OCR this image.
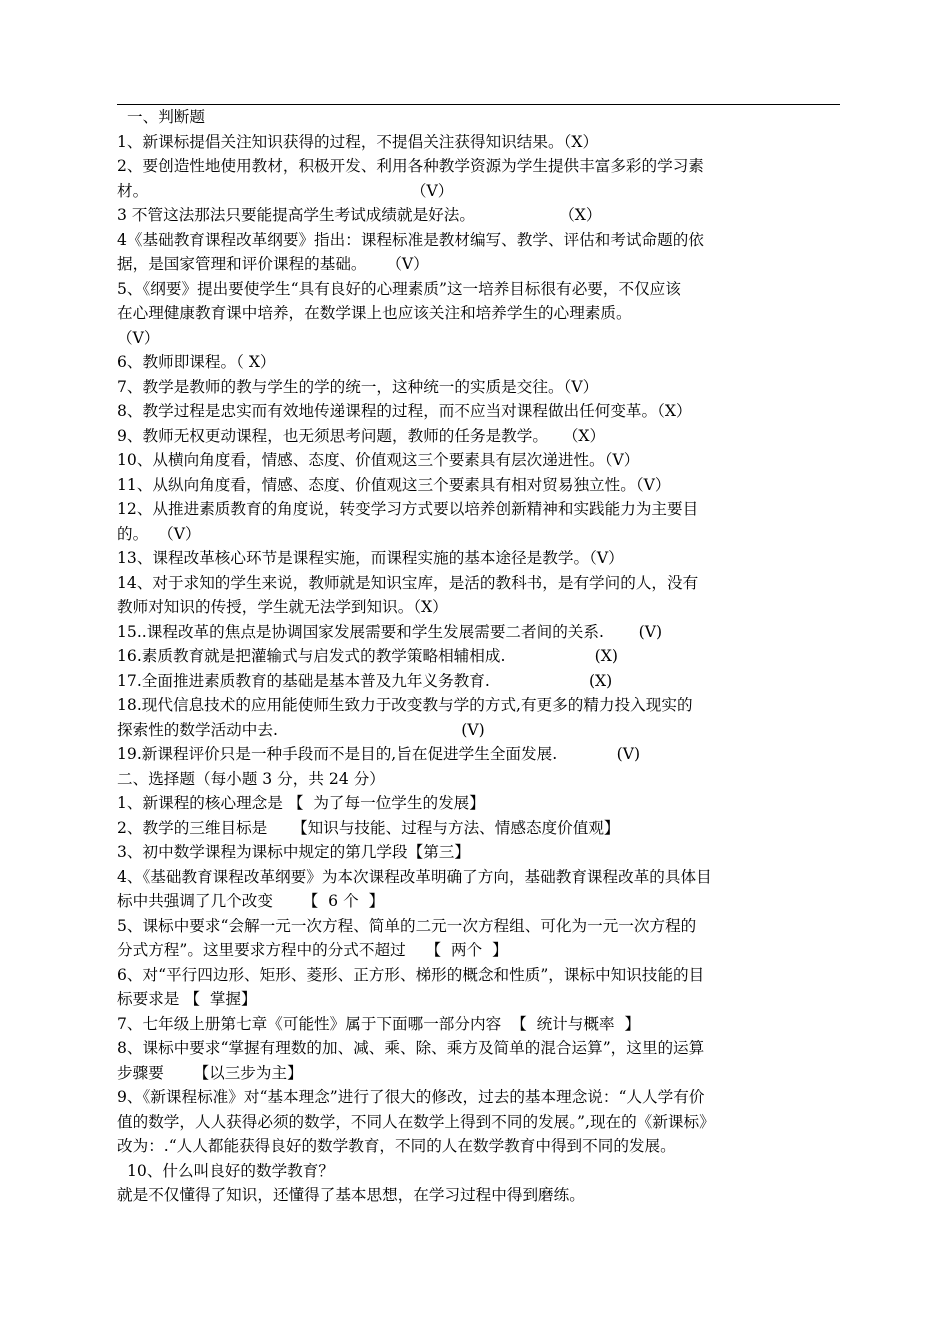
一、判断题
1、新课标提倡关注知识获得的过程，不提倡关注获得知识结果。（X）
2、要创造性地使用教材，积极开发、利用各种教学资源为学生提供丰富多彩的学习素
材。                                                     （V）
3 不管这法那法只要能提高学生考试成绩就是好法。                 （X）
4《基础教育课程改革纲要》指出：课程标准是教材编写、教学、评估和考试命题的依
据，是国家管理和评价课程的基础。    （V）
5、《纲要》提出要使学生“具有良好的心理素质”这一培养目标很有必要，不仅应该
在心理健康教育课中培养，在数学课上也应该关注和培养学生的心理素质。
（V）
6、教师即课程。（ X）
7、教学是教师的教与学生的学的统一，这种统一的实质是交往。（V）
8、教学过程是忠实而有效地传递课程的过程，而不应当对课程做出任何变革。（X）
9、教师无权更动课程，也无须思考问题，教师的任务是教学。   （X）
10、从横向角度看，情感、态度、价值观这三个要素具有层次递进性。（V）
11、从纵向角度看，情感、态度、价值观这三个要素具有相对贸易独立性。（V）
12、从推进素质教育的角度说，转变学习方式要以培养创新精神和实践能力为主要目
的。  （V）
13、课程改革核心环节是课程实施，而课程实施的基本途径是教学。（V）
14、对于求知的学生来说，教师就是知识宝库，是活的教科书，是有学问的人，没有
教师对知识的传授，学生就无法学到知识。（X）
15..课程改革的焦点是协调国家发展需要和学生发展需要二者间的关系.       (V)
16.素质教育就是把灌输式与启发式的教学策略相辅相成.                  (X)
17.全面推进素质教育的基础是基本普及九年义务教育.                    (X)
18.现代信息技术的应用能使师生致力于改变教与学的方式,有更多的精力投入现实的
探索性的数学活动中去.                                     (V)
19.新课程评价只是一种手段而不是目的,旨在促进学生全面发展.            (V)
二、选择题（每小题 3 分，共 24 分）
1、新课程的核心理念是 【  为了每一位学生的发展】
2、教学的三维目标是     【知识与技能、过程与方法、情感态度价值观】
3、初中数学课程为课标中规定的第几学段【第三】
4、《基础教育课程改革纲要》为本次课程改革明确了方向，基础教育课程改革的具体目
标中共强调了几个改变      【  6 个  】
5、课标中要求“会解一元一次方程、简单的二元一次方程组、可化为一元一次方程的
分式方程”。这里要求方程中的分式不超过    【  两个  】
6、对“平行四边形、矩形、菱形、正方形、梯形的概念和性质”，课标中知识技能的目
标要求是 【  掌握】
7、七年级上册第七章《可能性》属于下面哪一部分内容  【  统计与概率  】
8、课标中要求“掌握有理数的加、减、乘、除、乘方及简单的混合运算”，这里的运算
步骤要      【以三步为主】
9、《新课程标准》对“基本理念”进行了很大的修改，过去的基本理念说：“人人学有价
值的数学，人人获得必须的数学，不同人在数学上得到不同的发展。”,现在的《新课标》
改为：.“人人都能获得良好的数学教育，不同的人在数学教育中得到不同的发展。
10、什么叫良好的数学教育？
就是不仅懂得了知识，还懂得了基本思想，在学习过程中得到磨练。
